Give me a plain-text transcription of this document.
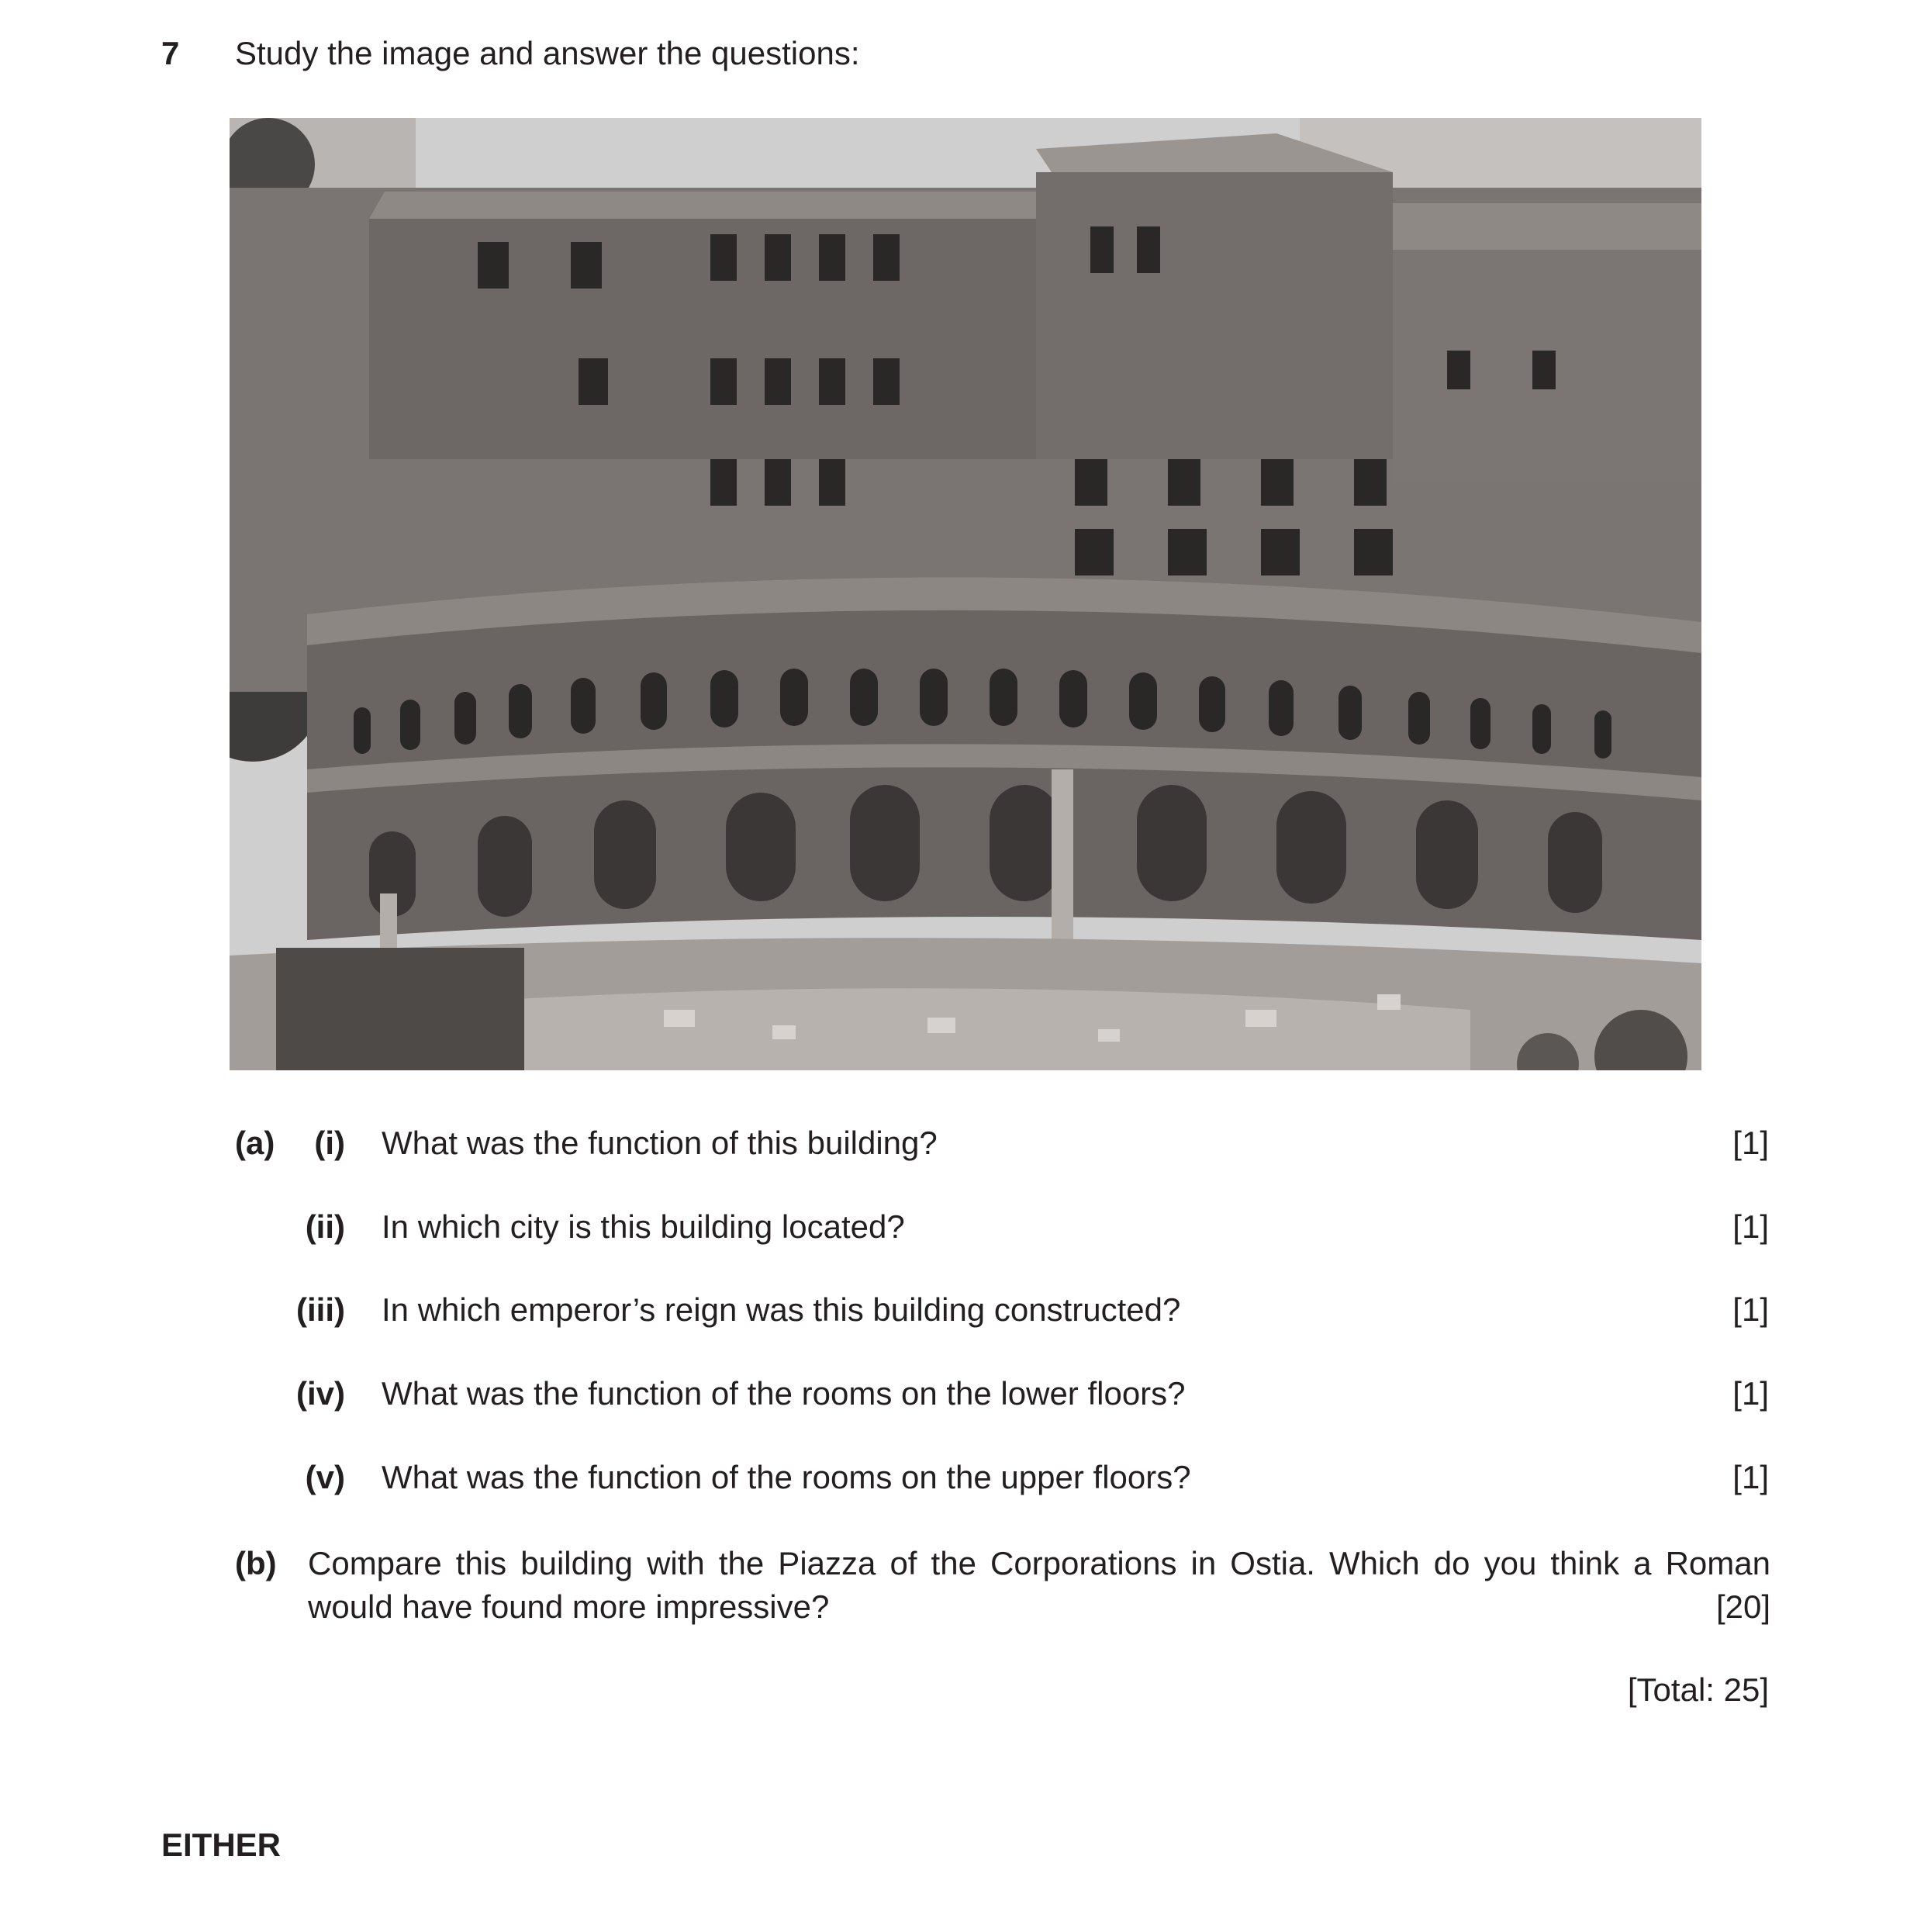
7 Study the image and answer the questions:
(a)	(i) What was the function of this building?	[1]
(ii) In which city is this building located?	[1]
(iii) In which emperor’s reign was this building constructed?	[1]
(iv) What was the function of the rooms on the lower floors?	[1]
(v) What was the function of the rooms on the upper floors?	[1]
(b) Compare this building with the Piazza of the Corporations in Ostia. Which do you think a Roman would have found more impressive?	[20]
[Total: 25]
EITHER
